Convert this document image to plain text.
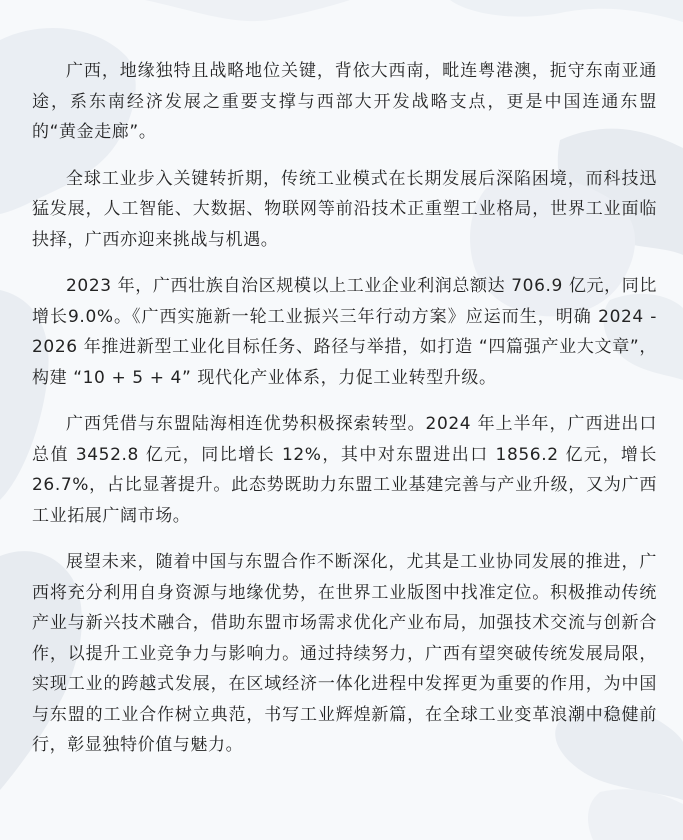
广西，地缘独特且战略地位关键，背依大西南，毗连粤港澳，扼守东南亚通途，系东南经济发展之重要支撑与西部大开发战略支点，更是中国连通东盟的“黄金走廊”。

全球工业步入关键转折期，传统工业模式在长期发展后深陷困境，而科技迅猛发展，人工智能、大数据、物联网等前沿技术正重塑工业格局，世界工业面临抉择，广西亦迎来挑战与机遇。

2023 年，广西壮族自治区规模以上工业企业利润总额达 706.9 亿元，同比增长9.0%。《广西实施新一轮工业振兴三年行动方案》应运而生，明确 2024 - 2026 年推进新型工业化目标任务、路径与举措，如打造 “四篇强产业大文章”，构建 “10 + 5 + 4” 现代化产业体系，力促工业转型升级。

广西凭借与东盟陆海相连优势积极探索转型。2024 年上半年，广西进出口总值 3452.8 亿元，同比增长 12%，其中对东盟进出口 1856.2 亿元，增长26.7%，占比显著提升。此态势既助力东盟工业基建完善与产业升级，又为广西工业拓展广阔市场。

展望未来，随着中国与东盟合作不断深化，尤其是工业协同发展的推进，广西将充分利用自身资源与地缘优势，在世界工业版图中找准定位。积极推动传统产业与新兴技术融合，借助东盟市场需求优化产业布局，加强技术交流与创新合作，以提升工业竞争力与影响力。通过持续努力，广西有望突破传统发展局限，实现工业的跨越式发展，在区域经济一体化进程中发挥更为重要的作用，为中国与东盟的工业合作树立典范，书写工业辉煌新篇，在全球工业变革浪潮中稳健前行，彰显独特价值与魅力。
